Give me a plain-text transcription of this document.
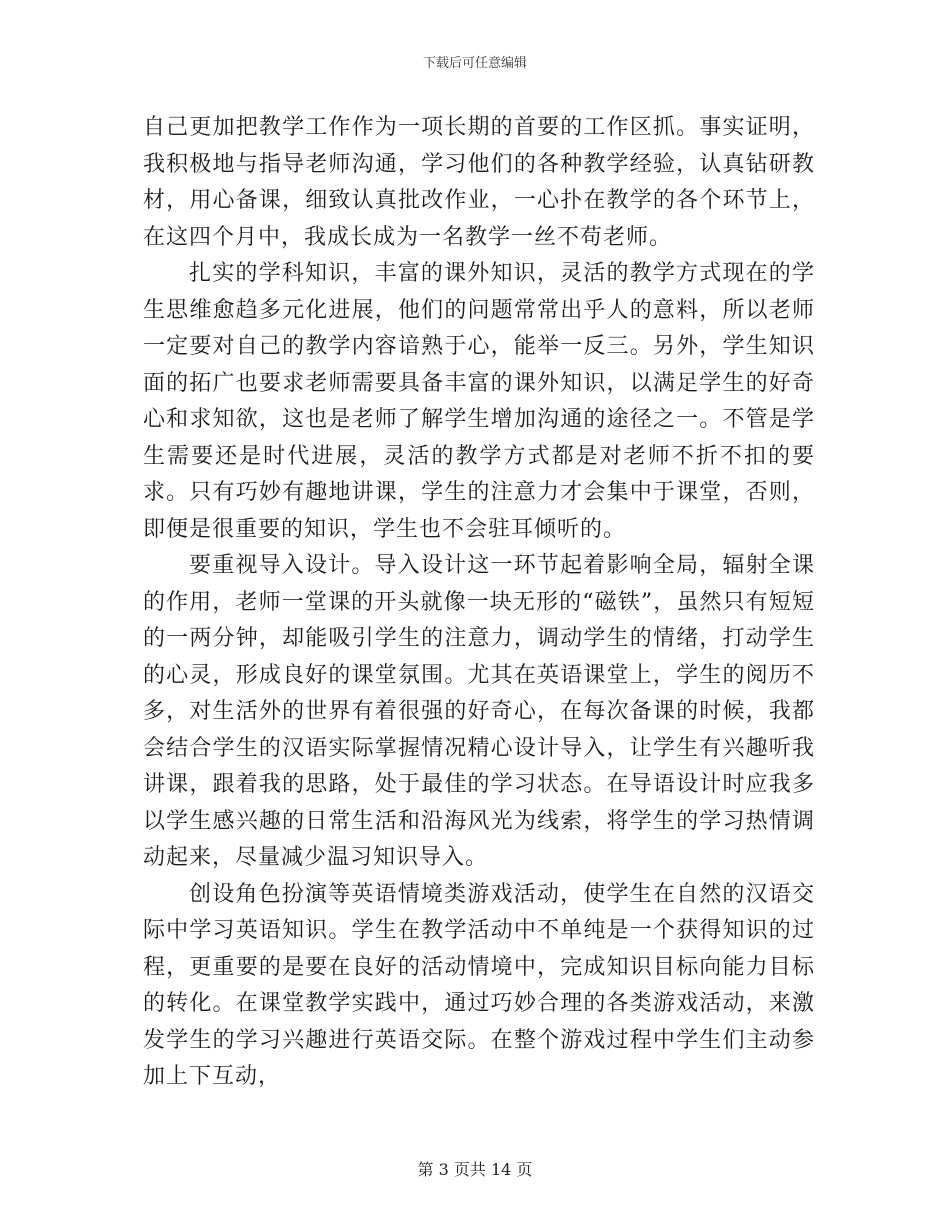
下载后可任意编辑

自己更加把教学工作作为一项长期的首要的工作区抓。事实证明，我积极地与指导老师沟通，学习他们的各种教学经验，认真钻研教材，用心备课，细致认真批改作业，一心扑在教学的各个环节上，在这四个月中，我成长成为一名教学一丝不苟老师。

扎实的学科知识，丰富的课外知识，灵活的教学方式现在的学生思维愈趋多元化进展，他们的问题常常出乎人的意料，所以老师一定要对自己的教学内容谙熟于心，能举一反三。另外，学生知识面的拓广也要求老师需要具备丰富的课外知识，以满足学生的好奇心和求知欲，这也是老师了解学生增加沟通的途径之一。不管是学生需要还是时代进展，灵活的教学方式都是对老师不折不扣的要求。只有巧妙有趣地讲课，学生的注意力才会集中于课堂，否则，即便是很重要的知识，学生也不会驻耳倾听的。

要重视导入设计。导入设计这一环节起着影响全局，辐射全课的作用，老师一堂课的开头就像一块无形的“磁铁”，虽然只有短短的一两分钟，却能吸引学生的注意力，调动学生的情绪，打动学生的心灵，形成良好的课堂氛围。尤其在英语课堂上，学生的阅历不多，对生活外的世界有着很强的好奇心，在每次备课的时候，我都会结合学生的汉语实际掌握情况精心设计导入，让学生有兴趣听我讲课，跟着我的思路，处于最佳的学习状态。在导语设计时应我多以学生感兴趣的日常生活和沿海风光为线索，将学生的学习热情调动起来，尽量减少温习知识导入。

创设角色扮演等英语情境类游戏活动，使学生在自然的汉语交际中学习英语知识。学生在教学活动中不单纯是一个获得知识的过程，更重要的是要在良好的活动情境中，完成知识目标向能力目标的转化。在课堂教学实践中，通过巧妙合理的各类游戏活动，来激发学生的学习兴趣进行英语交际。在整个游戏过程中学生们主动参加上下互动，

第 3 页共 14 页
